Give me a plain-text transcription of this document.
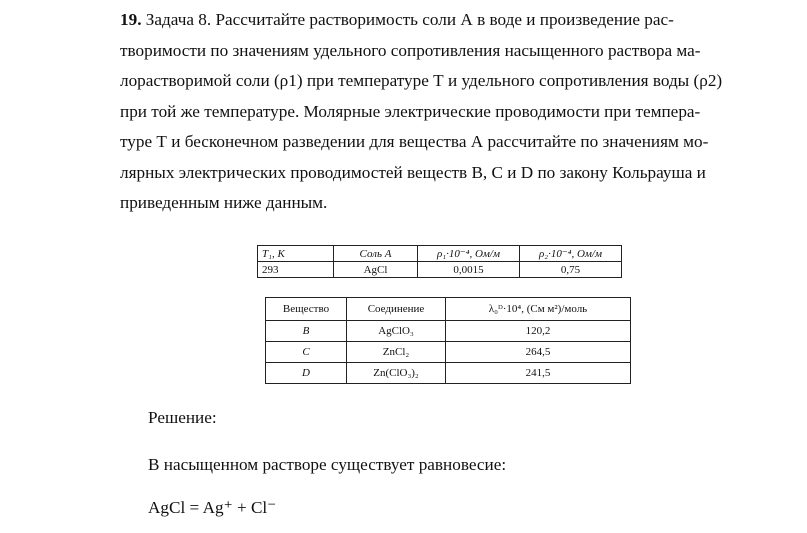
19. Задача 8. Рассчитайте растворимость соли А в воде и произведение рас-
творимости по значениям удельного сопротивления насыщенного раствора ма-
лорастворимой соли (ρ1) при температуре Т и удельного сопротивления воды (ρ2)
при той же температуре. Молярные электрические проводимости при темпера-
туре Т и бесконечном разведении для вещества А рассчитайте по значениям мо-
лярных электрических проводимостей веществ В, С и D по закону Кольрауша и
приведенным ниже данным.
T₁, K	Соль A	ρ₁·10⁻⁴, Ом/м	ρ₂·10⁻⁴, Ом/м
293	AgCl	0,0015	0,75
Вещество	Соединение	λ₀ᴰ·10⁴, (См м²)/моль
B	AgClO₃	120,2
C	ZnCl₂	264,5
D	Zn(ClO₃)₂	241,5
Решение:
В насыщенном растворе существует равновесие:
AgCl = Ag⁺ + Cl⁻
